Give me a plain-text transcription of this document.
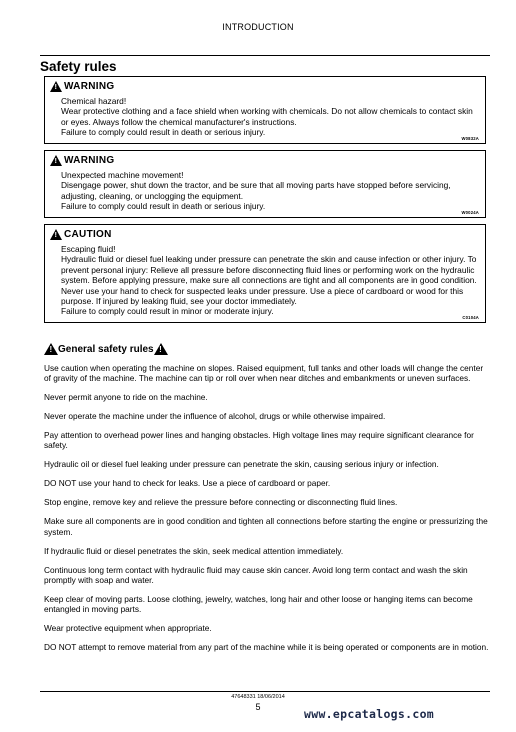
INTRODUCTION
Safety rules
!
WARNING

Chemical hazard!

Wear protective clothing and a face shield when working with chemicals. Do not allow chemicals to contact skin or eyes. Always follow the chemical manufacturer's instructions.

Failure to comply could result in death or serious injury.

W0832A
!
WARNING

Unexpected machine movement!

Disengage power, shut down the tractor, and be sure that all moving parts have stopped before servicing, adjusting, cleaning, or unclogging the equipment.

Failure to comply could result in death or serious injury.

W0024A
!
CAUTION

Escaping fluid!

Hydraulic fluid or diesel fuel leaking under pressure can penetrate the skin and cause infection or other injury. To prevent personal injury: Relieve all pressure before disconnecting fluid lines or performing work on the hydraulic system. Before applying pressure, make sure all connections are tight and all components are in good condition. Never use your hand to check for suspected leaks under pressure. Use a piece of cardboard or wood for this purpose. If injured by leaking fluid, see your doctor immediately.

Failure to comply could result in minor or moderate injury.

C0104A
!
General safety rules
!

Use caution when operating the machine on slopes. Raised equipment, full tanks and other loads will change the center of gravity of the machine. The machine can tip or roll over when near ditches and embankments or uneven surfaces.

Never permit anyone to ride on the machine.

Never operate the machine under the influence of alcohol, drugs or while otherwise impaired.

Pay attention to overhead power lines and hanging obstacles. High voltage lines may require significant clearance for safety.

Hydraulic oil or diesel fuel leaking under pressure can penetrate the skin, causing serious injury or infection.

DO NOT use your hand to check for leaks. Use a piece of cardboard or paper.

Stop engine, remove key and relieve the pressure before connecting or disconnecting fluid lines.

Make sure all components are in good condition and tighten all connections before starting the engine or pressurizing the system.

If hydraulic fluid or diesel penetrates the skin, seek medical attention immediately.

Continuous long term contact with hydraulic fluid may cause skin cancer. Avoid long term contact and wash the skin promptly with soap and water.

Keep clear of moving parts. Loose clothing, jewelry, watches, long hair and other loose or hanging items can become entangled in moving parts.

Wear protective equipment when appropriate.

DO NOT attempt to remove material from any part of the machine while it is being operated or components are in motion.

47648331 18/06/2014
5	www.epcatalogs.com
